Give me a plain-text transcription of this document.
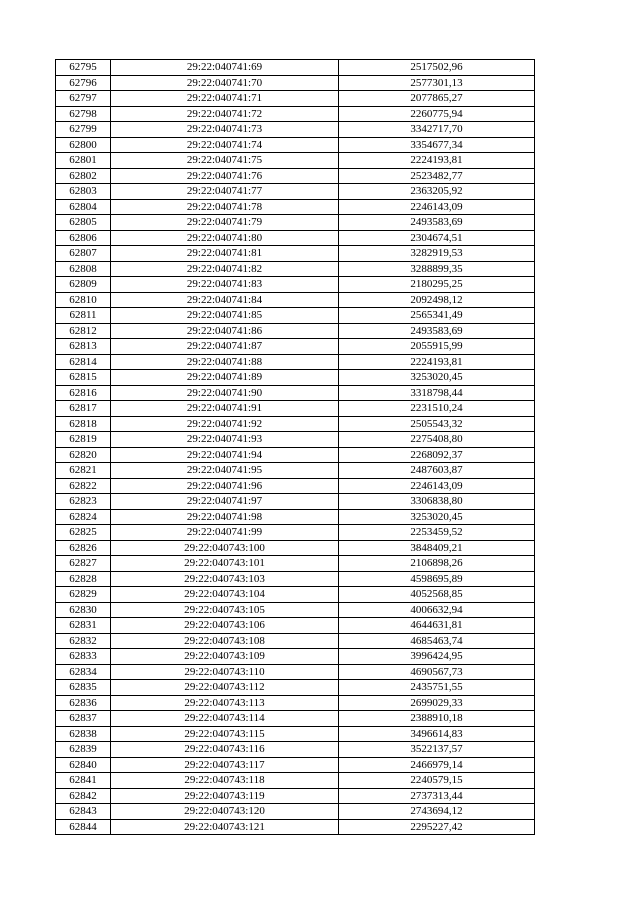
62795	29:22:040741:69	2517502,96
62796	29:22:040741:70	2577301,13
62797	29:22:040741:71	2077865,27
62798	29:22:040741:72	2260775,94
62799	29:22:040741:73	3342717,70
62800	29:22:040741:74	3354677,34
62801	29:22:040741:75	2224193,81
62802	29:22:040741:76	2523482,77
62803	29:22:040741:77	2363205,92
62804	29:22:040741:78	2246143,09
62805	29:22:040741:79	2493583,69
62806	29:22:040741:80	2304674,51
62807	29:22:040741:81	3282919,53
62808	29:22:040741:82	3288899,35
62809	29:22:040741:83	2180295,25
62810	29:22:040741:84	2092498,12
62811	29:22:040741:85	2565341,49
62812	29:22:040741:86	2493583,69
62813	29:22:040741:87	2055915,99
62814	29:22:040741:88	2224193,81
62815	29:22:040741:89	3253020,45
62816	29:22:040741:90	3318798,44
62817	29:22:040741:91	2231510,24
62818	29:22:040741:92	2505543,32
62819	29:22:040741:93	2275408,80
62820	29:22:040741:94	2268092,37
62821	29:22:040741:95	2487603,87
62822	29:22:040741:96	2246143,09
62823	29:22:040741:97	3306838,80
62824	29:22:040741:98	3253020,45
62825	29:22:040741:99	2253459,52
62826	29:22:040743:100	3848409,21
62827	29:22:040743:101	2106898,26
62828	29:22:040743:103	4598695,89
62829	29:22:040743:104	4052568,85
62830	29:22:040743:105	4006632,94
62831	29:22:040743:106	4644631,81
62832	29:22:040743:108	4685463,74
62833	29:22:040743:109	3996424,95
62834	29:22:040743:110	4690567,73
62835	29:22:040743:112	2435751,55
62836	29:22:040743:113	2699029,33
62837	29:22:040743:114	2388910,18
62838	29:22:040743:115	3496614,83
62839	29:22:040743:116	3522137,57
62840	29:22:040743:117	2466979,14
62841	29:22:040743:118	2240579,15
62842	29:22:040743:119	2737313,44
62843	29:22:040743:120	2743694,12
62844	29:22:040743:121	2295227,42
